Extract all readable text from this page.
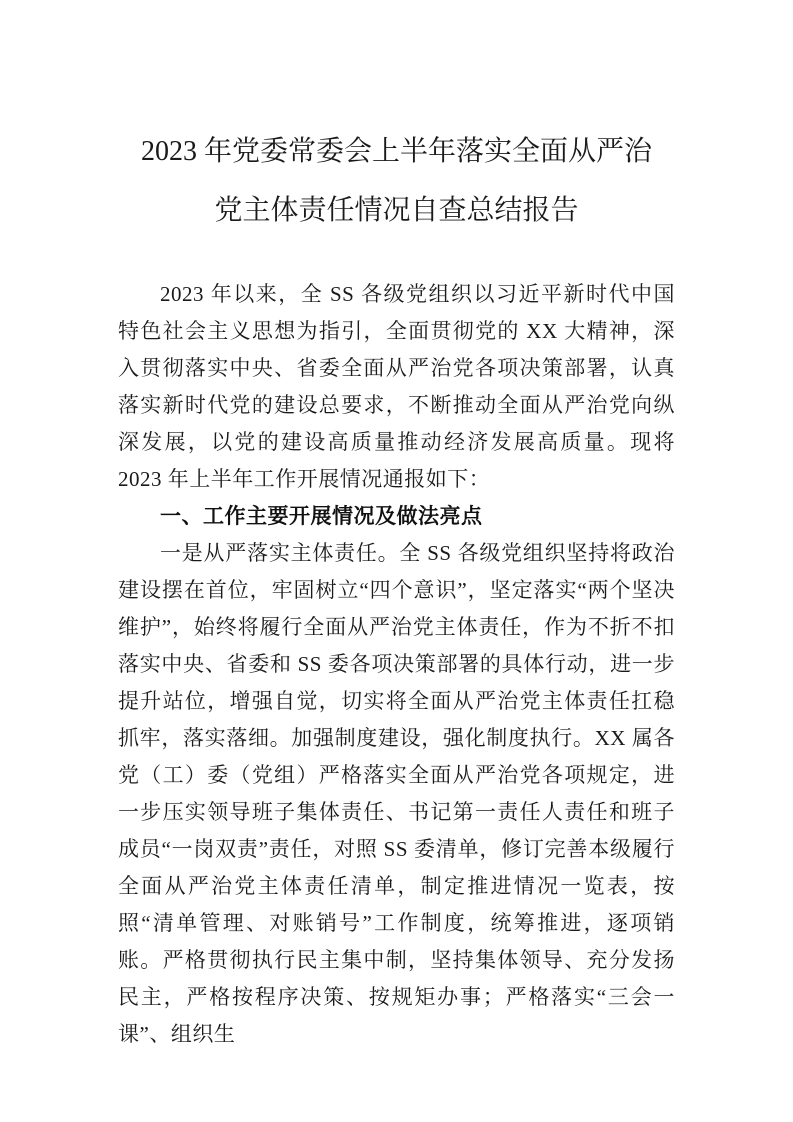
2023 年党委常委会上半年落实全面从严治
党主体责任情况自查总结报告

2023 年以来，全 SS 各级党组织以习近平新时代中国特色社会主义思想为指引，全面贯彻党的 XX 大精神，深入贯彻落实中央、省委全面从严治党各项决策部署，认真落实新时代党的建设总要求，不断推动全面从严治党向纵深发展，以党的建设高质量推动经济发展高质量。现将 2023 年上半年工作开展情况通报如下：

一、工作主要开展情况及做法亮点

一是从严落实主体责任。全 SS 各级党组织坚持将政治建设摆在首位，牢固树立“四个意识”，坚定落实“两个坚决维护”，始终将履行全面从严治党主体责任，作为不折不扣落实中央、省委和 SS 委各项决策部署的具体行动，进一步提升站位，增强自觉，切实将全面从严治党主体责任扛稳抓牢，落实落细。加强制度建设，强化制度执行。XX 属各党（工）委（党组）严格落实全面从严治党各项规定，进一步压实领导班子集体责任、书记第一责任人责任和班子成员“一岗双责”责任，对照 SS 委清单，修订完善本级履行全面从严治党主体责任清单，制定推进情况一览表，按照“清单管理、对账销号”工作制度，统筹推进，逐项销账。严格贯彻执行民主集中制，坚持集体领导、充分发扬民主，严格按程序决策、按规矩办事；严格落实“三会一课”、组织生
